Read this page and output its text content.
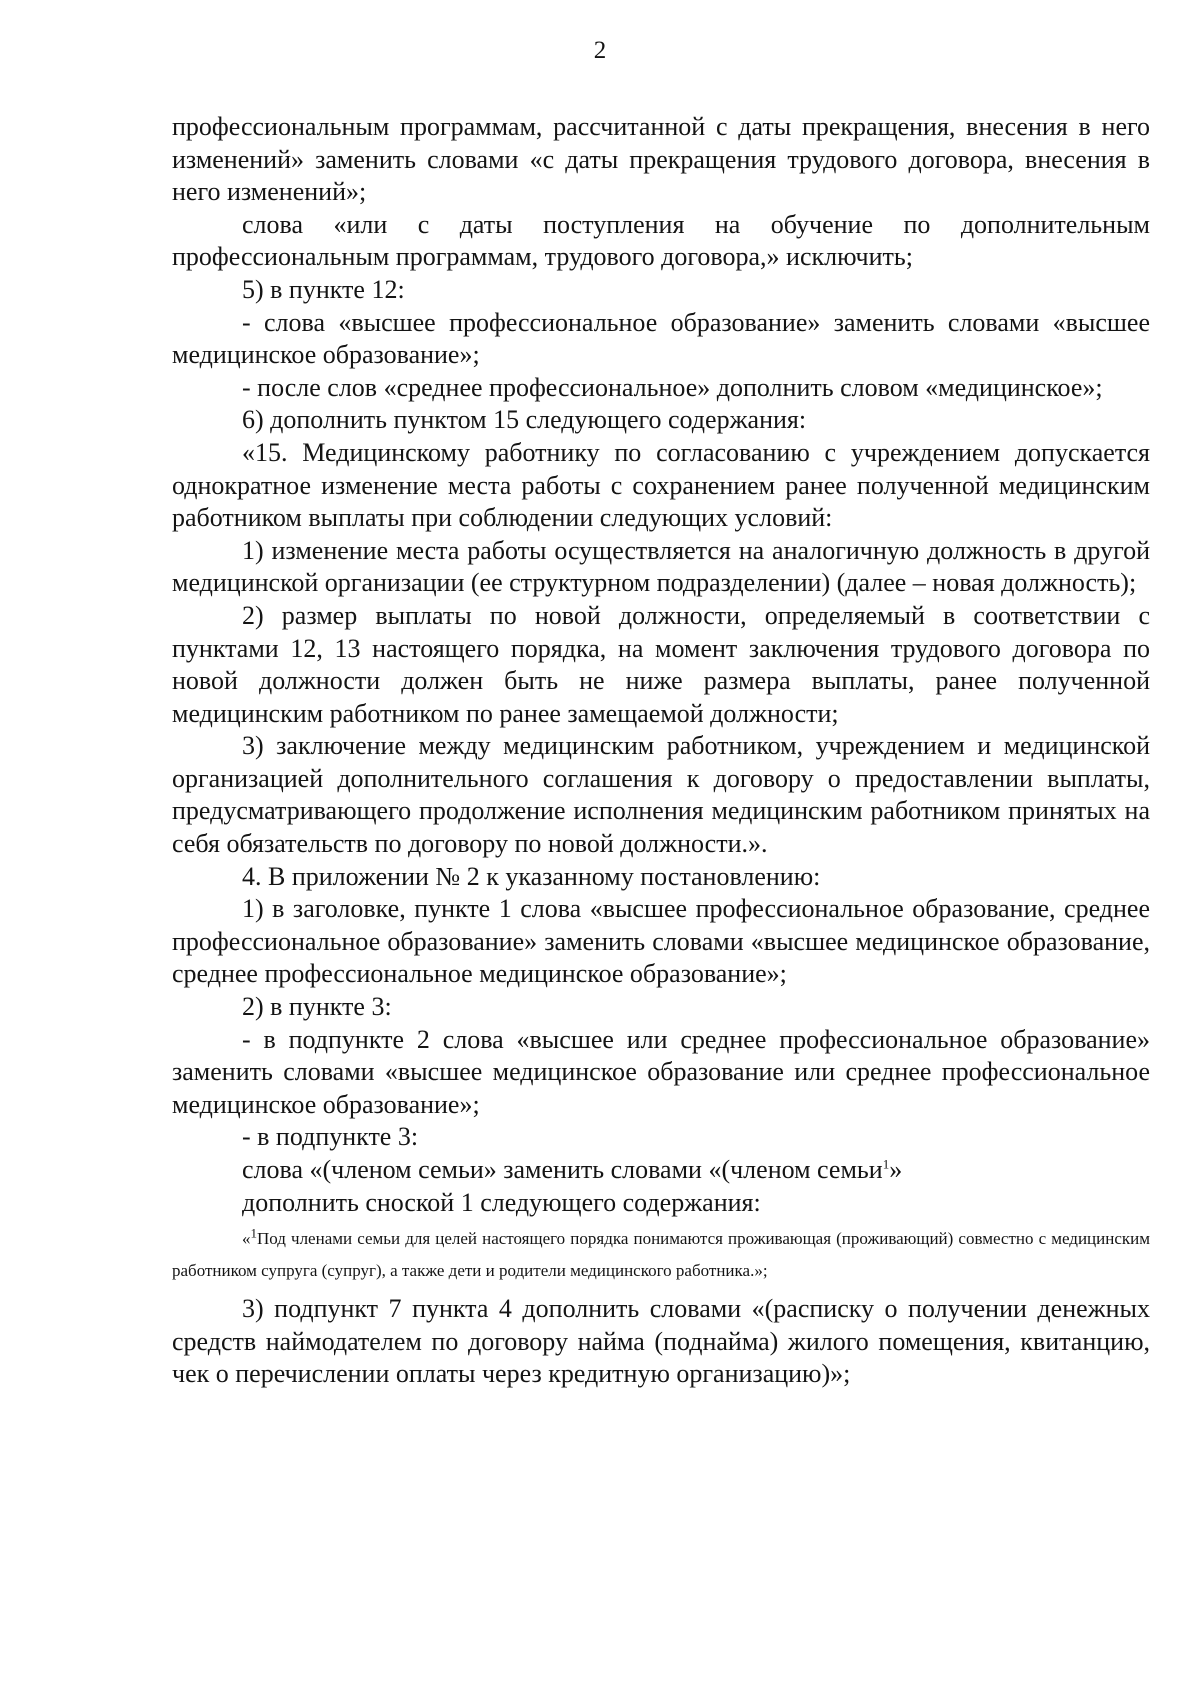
2

профессиональным программам, рассчитанной с даты прекращения, внесения в него изменений» заменить словами «с даты прекращения трудового договора, внесения в него изменений»;

слова «или с даты поступления на обучение по дополнительным профессиональным программам, трудового договора,» исключить;

5) в пункте 12:

- слова «высшее профессиональное образование» заменить словами «высшее медицинское образование»;

- после слов «среднее профессиональное» дополнить словом «медицинское»;

6) дополнить пунктом 15 следующего содержания:

«15. Медицинскому работнику по согласованию с учреждением допускается однократное изменение места работы с сохранением ранее полученной медицинским работником выплаты при соблюдении следующих условий:

1) изменение места работы осуществляется на аналогичную должность в другой медицинской организации (ее структурном подразделении) (далее – новая должность);

2) размер выплаты по новой должности, определяемый в соответствии с пунктами 12, 13 настоящего порядка, на момент заключения трудового договора по новой должности должен быть не ниже размера выплаты, ранее полученной медицинским работником по ранее замещаемой должности;

3) заключение между медицинским работником, учреждением и медицинской организацией дополнительного соглашения к договору о предоставлении выплаты, предусматривающего продолжение исполнения медицинским работником принятых на себя обязательств по договору по новой должности.».

4. В приложении № 2 к указанному постановлению:

1) в заголовке, пункте 1 слова «высшее профессиональное образование, среднее профессиональное образование» заменить словами «высшее медицинское образование, среднее профессиональное медицинское образование»;

2) в пункте 3:

- в подпункте 2 слова «высшее или среднее профессиональное образование» заменить словами «высшее медицинское образование или среднее профессиональное медицинское образование»;

- в подпункте 3:

слова «(членом семьи» заменить словами «(членом семьи$^1$»

дополнить сноской 1 следующего содержания:

«$^1$Под членами семьи для целей настоящего порядка понимаются проживающая (проживающий) совместно с медицинским работником супруга (супруг), а также дети и родители медицинского работника.»;

3) подпункт 7 пункта 4 дополнить словами «(расписку о получении денежных средств наймодателем по договору найма (поднайма) жилого помещения, квитанцию, чек о перечислении оплаты через кредитную организацию)»;
